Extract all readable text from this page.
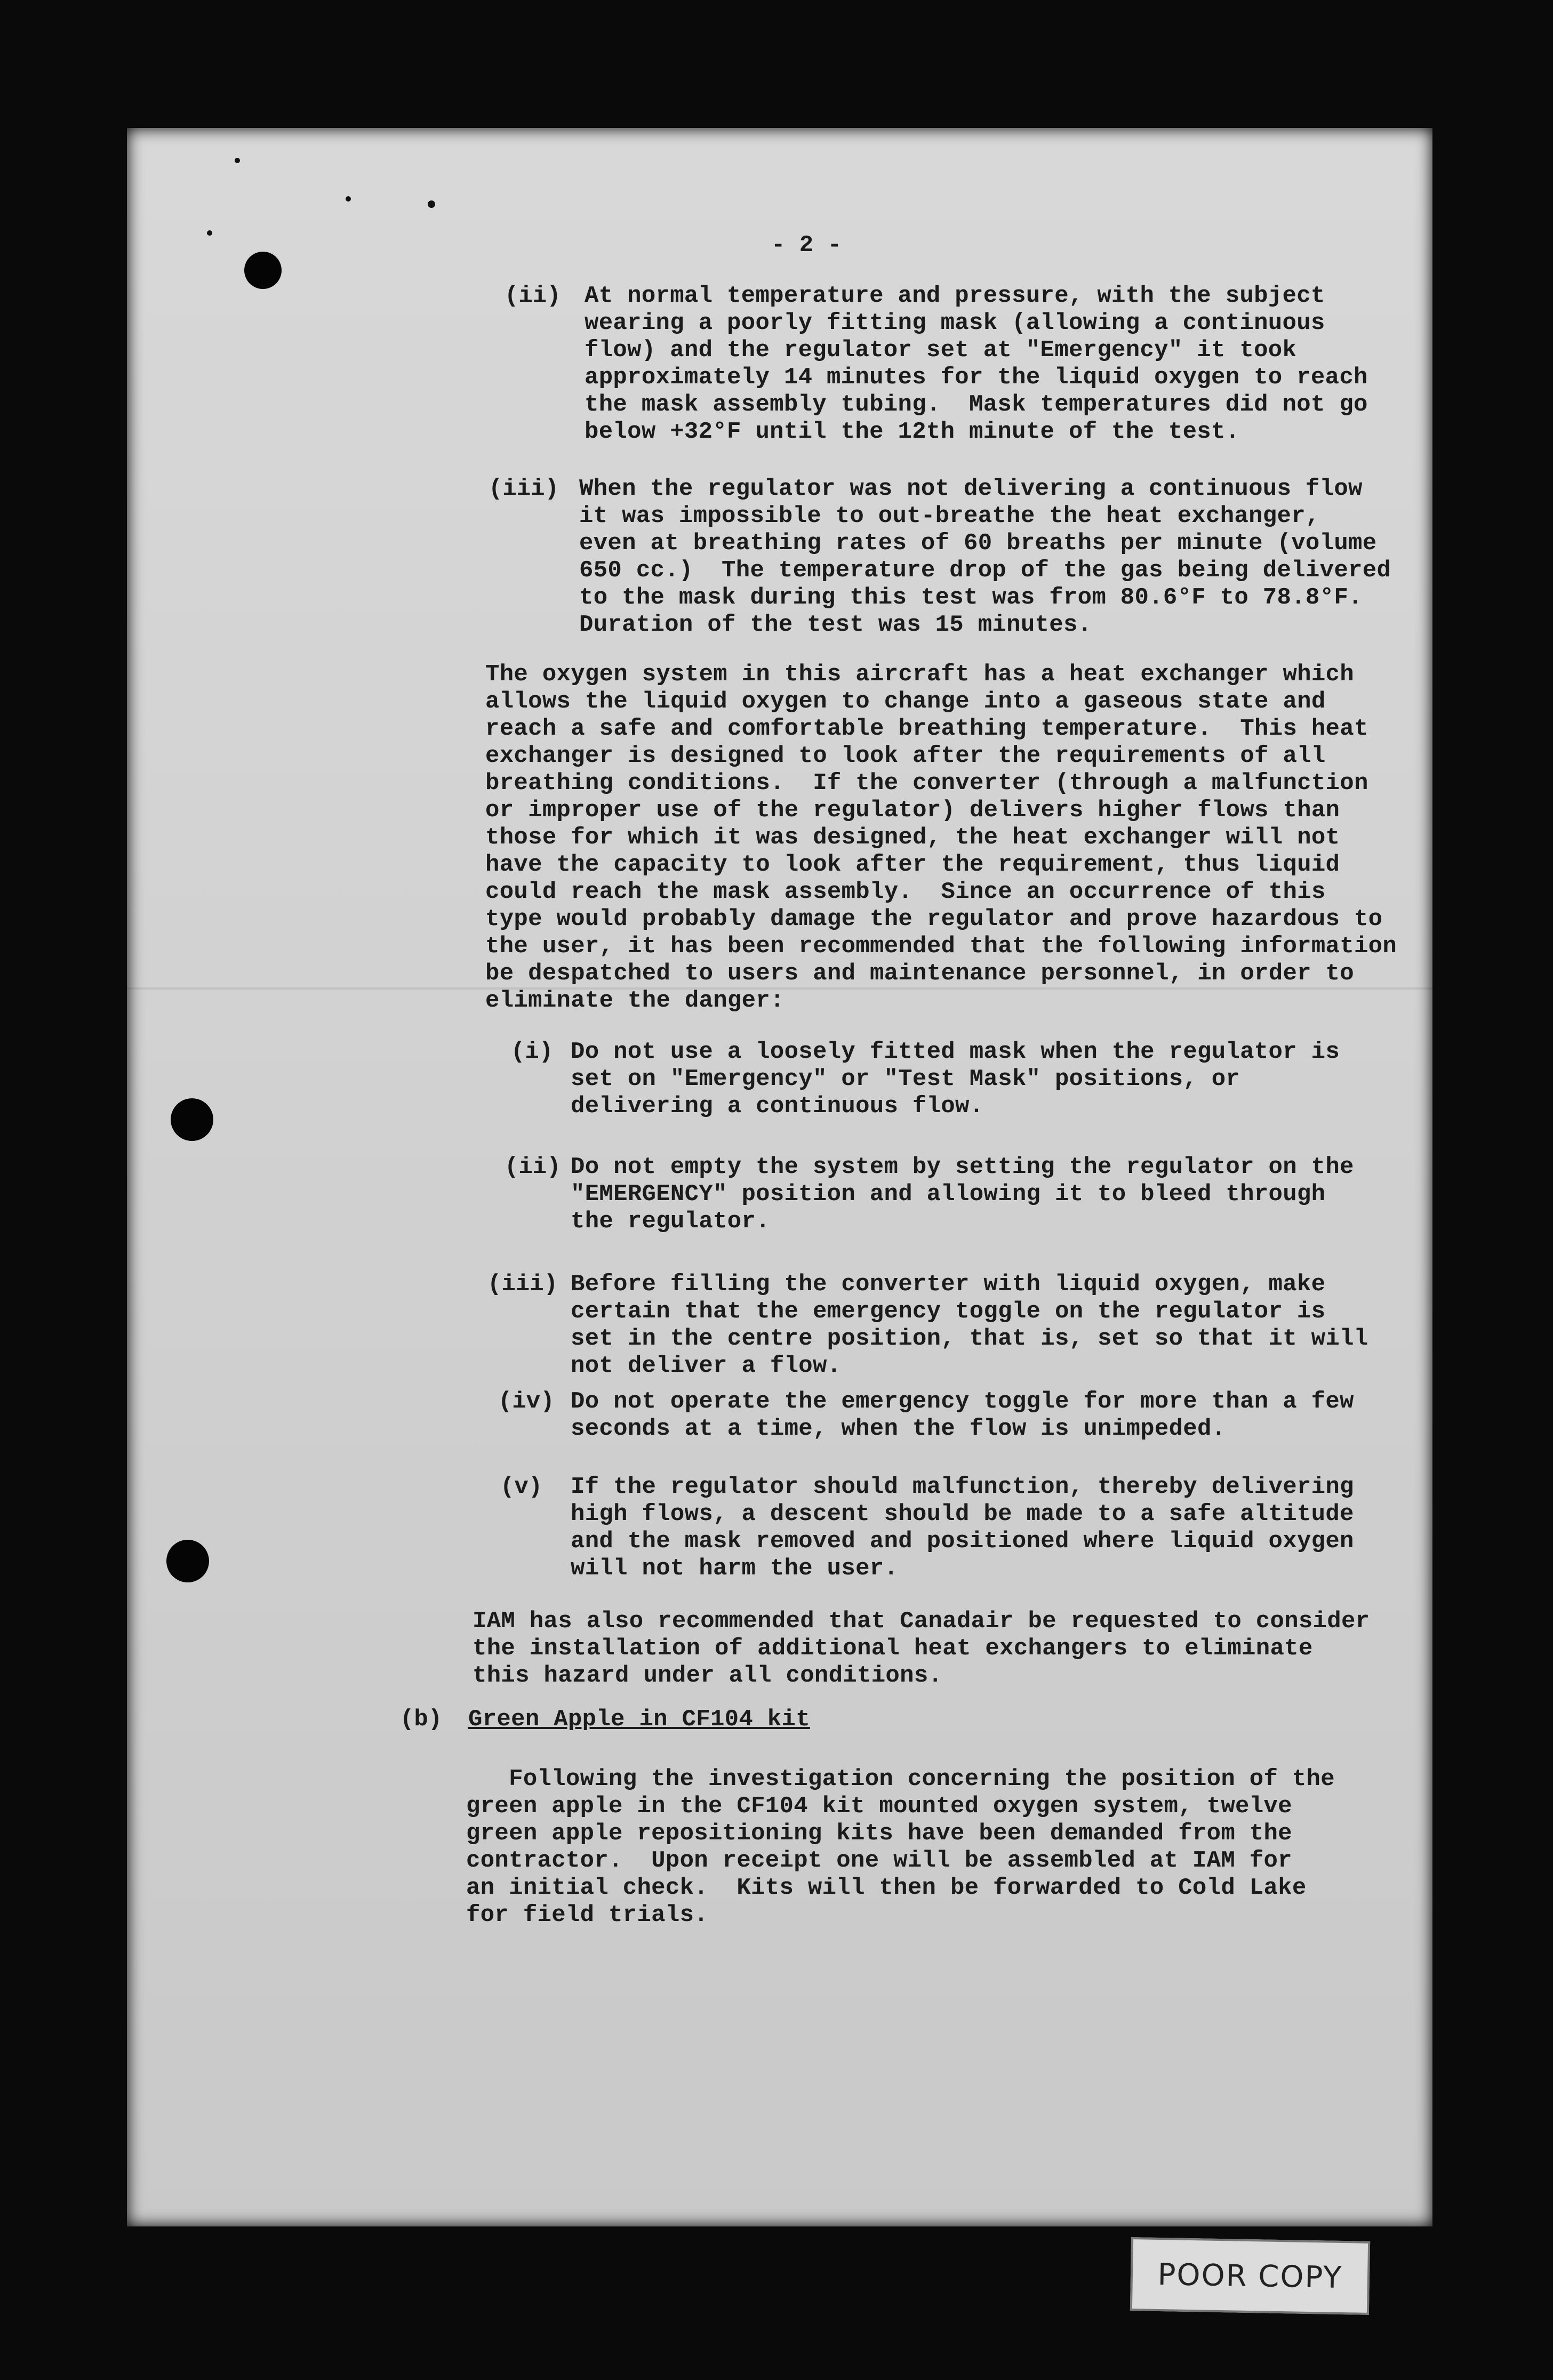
- 2 -
(ii) At normal temperature and pressure, with the subject
wearing a poorly fitting mask (allowing a continuous
flow) and the regulator set at "Emergency" it took
approximately 14 minutes for the liquid oxygen to reach
the mask assembly tubing.  Mask temperatures did not go
below +32°F until the 12th minute of the test.
(iii) When the regulator was not delivering a continuous flow
it was impossible to out-breathe the heat exchanger,
even at breathing rates of 60 breaths per minute (volume
650 cc.)  The temperature drop of the gas being delivered
to the mask during this test was from 80.6°F to 78.8°F.
Duration of the test was 15 minutes.
The oxygen system in this aircraft has a heat exchanger which
allows the liquid oxygen to change into a gaseous state and
reach a safe and comfortable breathing temperature.  This heat
exchanger is designed to look after the requirements of all
breathing conditions.  If the converter (through a malfunction
or improper use of the regulator) delivers higher flows than
those for which it was designed, the heat exchanger will not
have the capacity to look after the requirement, thus liquid
could reach the mask assembly.  Since an occurrence of this
type would probably damage the regulator and prove hazardous to
the user, it has been recommended that the following information
be despatched to users and maintenance personnel, in order to
eliminate the danger:
(i) Do not use a loosely fitted mask when the regulator is
set on "Emergency" or "Test Mask" positions, or
delivering a continuous flow.
(ii) Do not empty the system by setting the regulator on the
"EMERGENCY" position and allowing it to bleed through
the regulator.
(iii) Before filling the converter with liquid oxygen, make
certain that the emergency toggle on the regulator is
set in the centre position, that is, set so that it will
not deliver a flow.
(iv) Do not operate the emergency toggle for more than a few
seconds at a time, when the flow is unimpeded.
(v) If the regulator should malfunction, thereby delivering
high flows, a descent should be made to a safe altitude
and the mask removed and positioned where liquid oxygen
will not harm the user.
IAM has also recommended that Canadair be requested to consider
the installation of additional heat exchangers to eliminate
this hazard under all conditions.
(b) Green Apple in CF104 kit
Following the investigation concerning the position of the
green apple in the CF104 kit mounted oxygen system, twelve
green apple repositioning kits have been demanded from the
contractor.  Upon receipt one will be assembled at IAM for
an initial check.  Kits will then be forwarded to Cold Lake
for field trials.
POOR COPY
